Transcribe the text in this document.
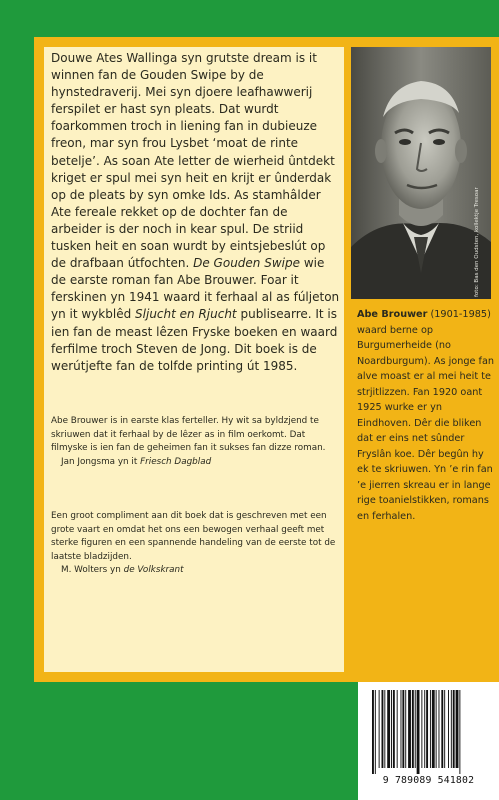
Douwe Ates Wallinga syn grutste dream is it winnen fan de Gouden Swipe by de hynstedraverij. Mei syn djoere leafhawwerij ferspilet er hast syn pleats. Dat wurdt foarkommen troch in liening fan in dubieuze freon, mar syn frou Lysbet ‘moat de rinte betelje’. As soan Ate letter de wierheid ûntdekt kriget er spul mei syn heit en krijt er ûnderdak op de pleats by syn omke Ids. As stamhâlder Ate fereale rekket op de dochter fan de arbeider is der noch in kear spul. De striid tusken heit en soan wurdt by eintsjebeslút op de drafbaan útfochten. De Gouden Swipe wie de earste roman fan Abe Brouwer. Foar it ferskinen yn 1941 waard it ferhaal al as fúljeton yn it wykblêd Sljucht en Rjucht publisearre. It is ien fan de meast lêzen Fryske boeken en waard ferfilme troch Steven de Jong. Dit boek is de werútjefte fan de tolfde printing út 1985.

Abe Brouwer is in earste klas ferteller. Hy wit sa byldzjend te skriuwen dat it ferhaal by de lêzer as in film oerkomt. Dat filmyske is ien fan de geheimen fan it sukses fan dizze roman.
Jan Jongsma yn it Friesch Dagblad

Een groot compliment aan dit boek dat is geschreven met een grote vaart en omdat het ons een bewogen verhaal geeft met sterke figuren en een spannende handeling van de eerste tot de laatste bladzijden.
M. Wolters yn de Volkskrant

foto: Bas den Oudsten, kollektje Tresoar

Abe Brouwer (1901-1985) waard berne op Burgumerheide (no Noardburgum). As jonge fan alve moast er al mei heit te strjitlizzen. Fan 1920 oant 1925 wurke er yn Eindhoven. Dêr die bliken dat er eins net sûnder Fryslân koe. Dêr begûn hy ek te skriuwen. Yn ’e rin fan ’e jierren skreau er in lange rige toanielstikken, romans en ferhalen.

9 789089 541802
